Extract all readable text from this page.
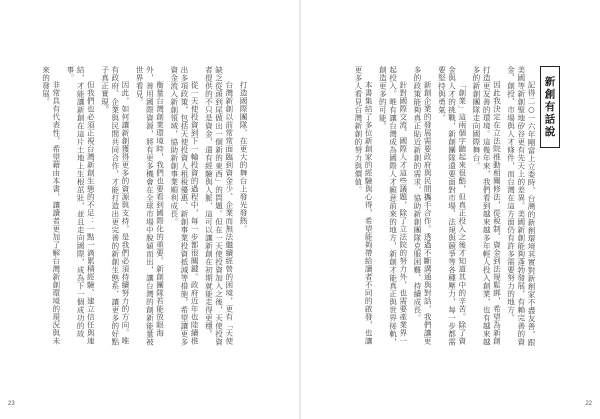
打造國際團隊，在更大的舞台上發光發熱。

台灣新創以前常常面臨到資金少、企業而無法繼續經營的困境，更有「天使缺乏從頭到尾做出一個新的東西」的問題。但在一天使投資加入之後，天使投資者提供的不只是資金，還有經驗與人脈，這可以讓新創在初期就能走得更穩。

從一天使投資到下一輪投資的過程中，每一步都很關鍵。政府近年也陸續推出多項政策，包括天使投資人租稅優惠、新創事業投資抵減等措施，希望讓更多資金流入新創領域，協助新創事業順利成長。

衡量台灣創業環境時，我們也要看到國際化的重要。新創團隊若能放眼海外，善用國際資源，將有更多機會在全球市場中脫穎而出，讓台灣的創新能量被世界看見。

因此，如何讓新創獲得更多的資源與支持，是我們必須持續努力的方向。唯有政府、企業與民間共同合作，才能打造出更完善的新創生態系，讓更多的好點子真正實現。

但我們也必須正視台灣新創生態的不足：一點一滴累積經驗、建立信任與連結，才能讓新創在這片土地上生根茁壯，並且走向國際，成為下一個成功的故事。

非常具有代表性，希望藉由本書，讓讀者更加了解台灣新創環境的現況與未來的發展。

23
新創有話說

記得二○一六年剛當上立委時，台灣的新創環境其實對新創家不盡友善，跟美國等新創聖地矽谷更有先天上的差異。美國新創能夠蓬勃發展，有賴完善的資金、創投、市場與人才條件，而台灣在這方面仍有許多需要努力的地方。

因此我決定在立法院推動相關修法，從稅制、資金到法規鬆綁，希望為新創打造更友善的環境。這幾年來，我們看到越來越多年輕人投入創業，也有越來越多的新創團隊走向國際舞台。

「創業」這兩個字聽起來很酷，但真正投入之後才知道其中的辛苦。除了資金與人才的挑戰，新創團隊還要面對市場、法規與競爭等各種壓力，每一步都需要堅持與勇氣。

新創企業的發展需要政府與民間攜手合作。透過不斷溝通與對話，我們讓更多的政策能夠真正貼近新創的需求，協助新創團隊克服困難、持續成長。

針對國際交流、國際人才這些議題，除了立法院的努力外，也需要產業界一起投入。唯有讓台灣成為國際人才願意前來的地方，新創才能真正與世界接軌，創造更多的可能。

本書集結了多位新創家的經驗與心得，希望能夠帶給讀者不同的啟發，也讓更多人看見台灣新創的努力與價值。

22
